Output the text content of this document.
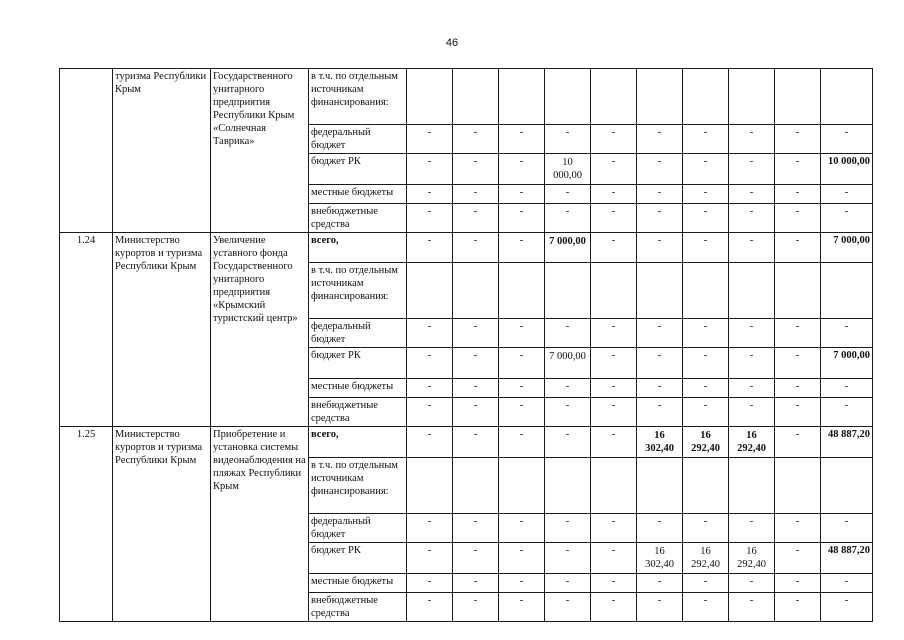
46
	туризма Республики Крым	Государственного унитарного предприятия Республики Крым «Солнечная Таврика»	в т.ч. по отдельным источникам финансирования:										
			федеральный бюджет	-	-	-	-	-	-	-	-	-	-
			бюджет РК	-	-	-	10 000,00	-	-	-	-	-	10 000,00
			местные бюджеты	-	-	-	-	-	-	-	-	-	-
			внебюджетные средства	-	-	-	-	-	-	-	-	-	-
1.24	Министерство курортов и туризма Республики Крым	Увеличение уставного фонда Государственного унитарного предприятия «Крымский туристский центр»	всего,	-	-	-	7 000,00	-	-	-	-	-	7 000,00
			в т.ч. по отдельным источникам финансирования:										
			федеральный бюджет	-	-	-	-	-	-	-	-	-	-
			бюджет РК	-	-	-	7 000,00	-	-	-	-	-	7 000,00
			местные бюджеты	-	-	-	-	-	-	-	-	-	-
			внебюджетные средства	-	-	-	-	-	-	-	-	-	-
1.25	Министерство курортов и туризма Республики Крым	Приобретение и установка системы видеонаблюдения на пляжах Республики Крым	всего,	-	-	-	-	-	16 302,40	16 292,40	16 292,40	-	48 887,20
			в т.ч. по отдельным источникам финансирования:										
			федеральный бюджет	-	-	-	-	-	-	-	-	-	-
			бюджет РК	-	-	-	-	-	16 302,40	16 292,40	16 292,40	-	48 887,20
			местные бюджеты	-	-	-	-	-	-	-	-	-	-
			внебюджетные средства	-	-	-	-	-	-	-	-	-	-
